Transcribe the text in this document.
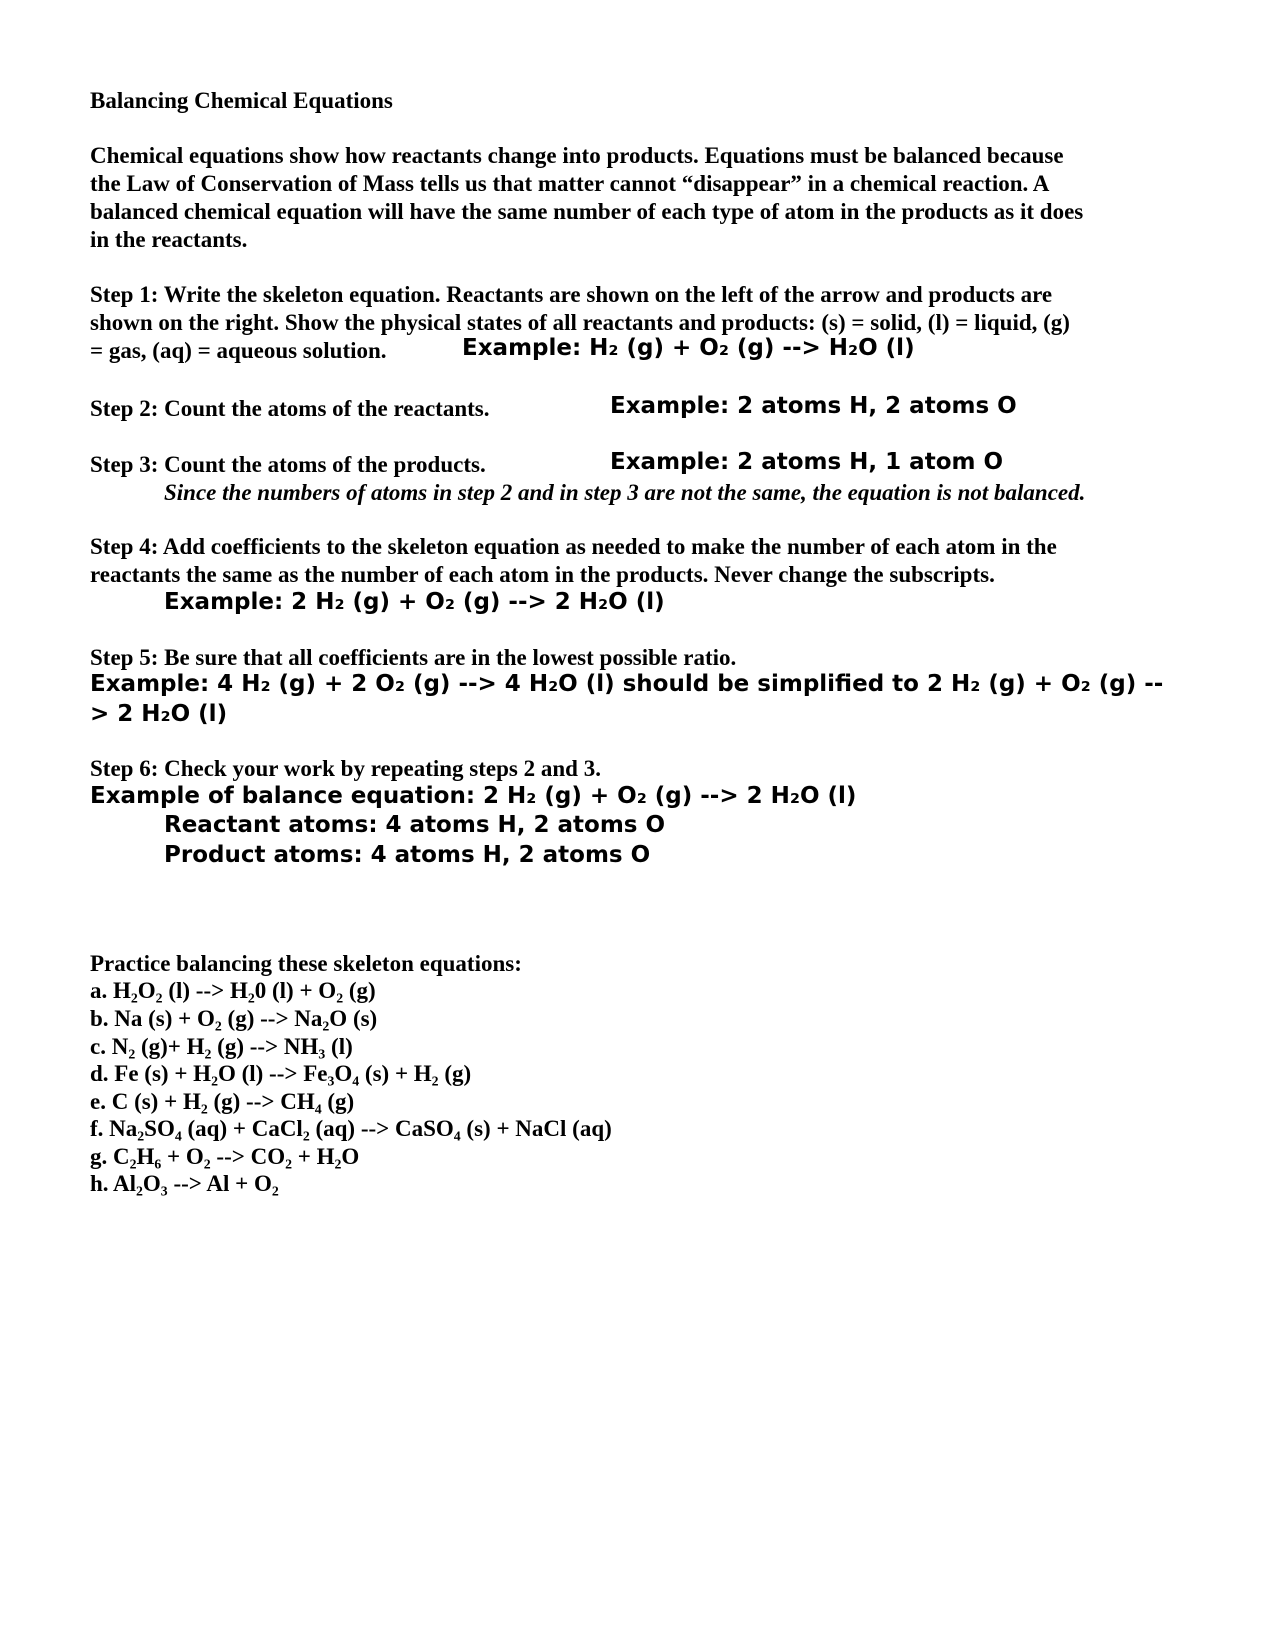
Balancing Chemical Equations
Chemical equations show how reactants change into products. Equations must be balanced because
the Law of Conservation of Mass tells us that matter cannot “disappear” in a chemical reaction. A
balanced chemical equation will have the same number of each type of atom in the products as it does
in the reactants.
Step 1: Write the skeleton equation. Reactants are shown on the left of the arrow and products are
shown on the right. Show the physical states of all reactants and products: (s) = solid, (l) = liquid, (g)
= gas, (aq) = aqueous solution.	Example: H₂ (g) + O₂ (g) --> H₂O (l)
Step 2: Count the atoms of the reactants.	Example: 2 atoms H, 2 atoms O
Step 3: Count the atoms of the products.	Example: 2 atoms H, 1 atom O
Since the numbers of atoms in step 2 and in step 3 are not the same, the equation is not balanced.
Step 4: Add coefficients to the skeleton equation as needed to make the number of each atom in the
reactants the same as the number of each atom in the products. Never change the subscripts.
Example: 2 H₂ (g) + O₂ (g) --> 2 H₂O (l)
Step 5: Be sure that all coefficients are in the lowest possible ratio.
Example: 4 H₂ (g) + 2 O₂ (g) --> 4 H₂O (l) should be simplified to 2 H₂ (g) + O₂ (g) --
> 2 H₂O (l)
Step 6: Check your work by repeating steps 2 and 3.
Example of balance equation: 2 H₂ (g) + O₂ (g) --> 2 H₂O (l)
Reactant atoms: 4 atoms H, 2 atoms O
Product atoms: 4 atoms H, 2 atoms O
Practice balancing these skeleton equations:
a. H₂O₂ (l) --> H₂0 (l) + O₂ (g)
b. Na (s) + O₂ (g) --> Na₂O (s)
c. N₂ (g)+ H₂ (g) --> NH₃ (l)
d. Fe (s) + H₂O (l) --> Fe₃O₄ (s) + H₂ (g)
e. C (s) + H₂ (g) --> CH₄ (g)
f. Na₂SO₄ (aq) + CaCl₂ (aq) --> CaSO₄ (s) + NaCl (aq)
g. C₂H₆ + O₂ --> CO₂ + H₂O
h. Al₂O₃ --> Al + O₂
